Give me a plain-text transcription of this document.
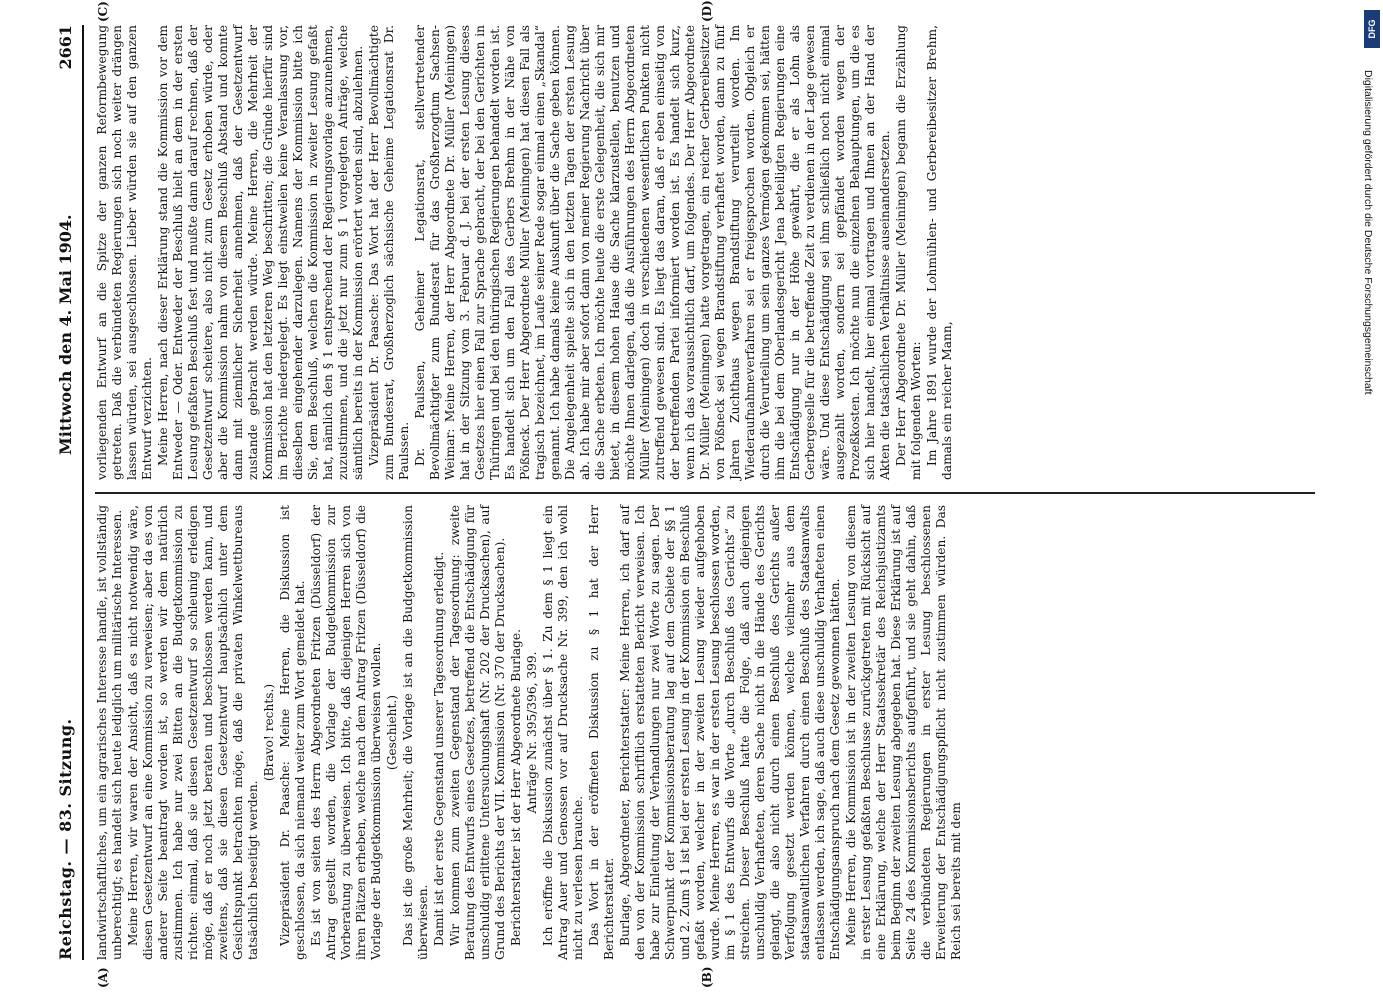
Reichstag. — 83. Sitzung.
Mittwoch den 4. Mai 1904.
2661
(A)	(B)
(C)	(D)

landwirtschaftliches, um ein agrarisches Interesse handle, ist vollständig unberechtigt; es handelt sich heute lediglich um militärische Interessen. Meine Herren, wir waren der Ansicht, daß es nicht notwendig wäre, diesen Gesetzentwurf an eine Kommission zu verweisen; aber da es von anderer Seite beantragt worden ist, so werden wir dem natürlich zustimmen. Ich habe nur zwei Bitten an die Budgetkommission zu richten: einmal, daß sie diesen Gesetzentwurf so schleunig erledigen möge, daß er noch jetzt beraten und beschlossen werden kann, und zweitens, daß sie diesen Gesetzentwurf hauptsächlich unter dem Gesichtspunkt betrachten möge, daß die privaten Winkelwettbureaus tatsächlich beseitigt werden.

(Bravo! rechts.) Vizepräsident Dr. Paasche: Meine Herren, die Diskussion ist geschlossen, da sich niemand weiter zum Wort gemeldet hat. Es ist von seiten des Herrn Abgeordneten Fritzen (Düsseldorf) der Antrag gestellt worden, die Vorlage der Budgetkommission zur Vorberatung zu überweisen. Ich bitte, daß diejenigen Herren sich von ihren Plätzen erheben, welche nach dem Antrag Fritzen (Düsseldorf) die Vorlage der Budgetkommission überweisen wollen. (Geschieht.) Das ist die große Mehrheit; die Vorlage ist an die Budgetkommission überwiesen. Damit ist der erste Gegenstand unserer Tagesordnung erledigt. Wir kommen zum zweiten Gegenstand der Tagesordnung: zweite Beratung des Entwurfs eines Gesetzes, betreffend die Entschädigung für unschuldig erlittene Untersuchungshaft (Nr. 202 der Drucksachen), auf Grund des Berichts der VII. Kommission (Nr. 370 der Drucksachen). Berichterstatter ist der Herr Abgeordnete Burlage. Anträge Nr. 395/396, 399. Ich eröffne die Diskussion zunächst über § 1. Zu dem § 1 liegt ein Antrag Auer und Genossen vor auf Drucksache Nr. 399, den ich wohl nicht zu verlesen brauche. Das Wort in der eröffneten Diskussion zu § 1 hat der Herr Berichterstatter. Burlage, Abgeordneter, Berichterstatter: Meine Herren, ich darf auf den von der Kommission schriftlich erstatteten Bericht verweisen. Ich habe zur Einleitung der Verhandlungen nur zwei Worte zu sagen. Der Schwerpunkt der Kommissionsberatung lag auf dem Gebiete der §§ 1 und 2. Zum § 1 ist bei der ersten Lesung in der Kommission ein Beschluß gefaßt worden, welcher in der zweiten Lesung wieder aufgehoben wurde. Meine Herren, es war in der ersten Lesung beschlossen worden, im § 1 des Entwurfs die Worte „durch Beschluß des Gerichts“ zu streichen. Dieser Beschluß hatte die Folge, daß auch diejenigen unschuldig Verhafteten, deren Sache nicht in die Hände des Gerichts gelangt, die also nicht durch einen Beschluß des Gerichts außer Verfolgung gesetzt werden können, welche vielmehr aus dem staatsanwaltlichen Verfahren durch einen Beschluß des Staatsanwalts entlassen werden, ich sage, daß auch diese unschuldig Verhafteten einen Entschädigungsanspruch nach dem Gesetz gewonnen hätten. Meine Herren, die Kommission ist in der zweiten Lesung von diesem in erster Lesung gefaßten Beschlusse zurückgetreten mit Rücksicht auf eine Erklärung, welche der Herr Staatssekretär des Reichsjustizamts beim Beginn der zweiten Lesung abgegeben hat. Diese Erklärung ist auf Seite 24 des Kommissionsberichts aufgeführt, und sie geht dahin, daß die verbündeten Regierungen in erster Lesung beschlossenen Erweiterung der Entschädigungspflicht nicht zustimmen würden. Das Reich sei bereits mit dem

vorliegenden Entwurf an die Spitze der ganzen Reformbewegung getreten. Daß die verbündeten Regierungen sich noch weiter drängen lassen würden, sei ausgeschlossen. Lieber würden sie auf den ganzen Entwurf verzichten. Meine Herren, nach dieser Erklärung stand die Kommission vor dem Entweder — Oder. Entweder der Beschluß hielt an dem in der ersten Lesung gefaßten Beschluß fest und mußte dann darauf rechnen, daß der Gesetzentwurf scheitere, also nicht zum Gesetz erhoben würde, oder aber die Kommission nahm von diesem Beschluß Abstand und konnte dann mit ziemlicher Sicherheit annehmen, daß der Gesetzentwurf zustande gebracht werden würde. Meine Herren, die Mehrheit der Kommission hat den letzteren Weg beschritten; die Gründe hierfür sind im Berichte niedergelegt. Es liegt einstweilen keine Veranlassung vor, dieselben eingehender darzulegen. Namens der Kommission bitte ich Sie, dem Beschluß, welchen die Kommission in zweiter Lesung gefaßt hat, nämlich den § 1 entsprechend der Regierungsvorlage anzunehmen, zuzustimmen, und die jetzt nur zum § 1 vorgelegten Anträge, welche sämtlich bereits in der Kommission erörtert worden sind, abzulehnen. Vizepräsident Dr. Paasche: Das Wort hat der Herr Bevollmächtigte zum Bundesrat, Großherzoglich sächsische Geheime Legationsrat Dr. Paulssen. Dr. Paulssen, Geheimer Legationsrat, stellvertretender Bevollmächtigter zum Bundesrat für das Großherzogtum Sachsen-Weimar: Meine Herren, der Herr Abgeordnete Dr. Müller (Meiningen) hat in der Sitzung vom 3. Februar d. J. bei der ersten Lesung dieses Gesetzes hier einen Fall zur Sprache gebracht, der bei den Gerichten in Thüringen und bei den thüringischen Regierungen behandelt worden ist. Es handelt sich um den Fall des Gerbers Brehm in der Nähe von Pößneck. Der Herr Abgeordnete Müller (Meiningen) hat diesen Fall als tragisch bezeichnet, im Laufe seiner Rede sogar einmal einen „Skandal“ genannt. Ich habe damals keine Auskunft über die Sache geben können. Die Angelegenheit spielte sich in den letzten Tagen der ersten Lesung ab. Ich habe mir aber sofort dann von meiner Regierung Nachricht über die Sache erbeten. Ich möchte heute die erste Gelegenheit, die sich mir bietet, in diesem hohen Hause die Sache klarzustellen, benutzen und möchte Ihnen darlegen, daß die Ausführungen des Herrn Abgeordneten Müller (Meiningen) doch in verschiedenen wesentlichen Punkten nicht zutreffend gewesen sind. Es liegt das daran, daß er eben einseitig von der betreffenden Partei informiert worden ist. Es handelt sich kurz, wenn ich das voraussichtlich darf, um folgendes. Der Herr Abgeordnete Dr. Müller (Meiningen) hatte vorgetragen, ein reicher Gerbereibesitzer von Pößneck sei wegen Brandstiftung verhaftet worden, dann zu fünf Jahren Zuchthaus wegen Brandstiftung verurteilt worden. Im Wiederaufnahmeverfahren sei er freigesprochen worden. Obgleich er durch die Verurteilung um sein ganzes Vermögen gekommen sei, hätten ihm die bei dem Oberlandesgericht Jena beteiligten Regierungen eine Entschädigung nur in der Höhe gewährt, die er als Lohn als Gerbergeselle für die betreffende Zeit zu verdienen in der Lage gewesen wäre. Und diese Entschädigung sei ihm schließlich noch nicht einmal ausgezahlt worden, sondern sei gepfändet worden wegen der Prozeßkosten. Ich möchte nun die einzelnen Behauptungen, um die es sich hier handelt, hier einmal vortragen und Ihnen an der Hand der Akten die tatsächlichen Verhältnisse auseinandersetzen. Der Herr Abgeordnete Dr. Müller (Meiningen) begann die Erzählung mit folgenden Worten: Im Jahre 1891 wurde der Lohmühlen- und Gerbereibesitzer Brehm, damals ein reicher Mann,

DFG
Digitalisierung gefördert durch die Deutsche Forschungsgemeinschaft
